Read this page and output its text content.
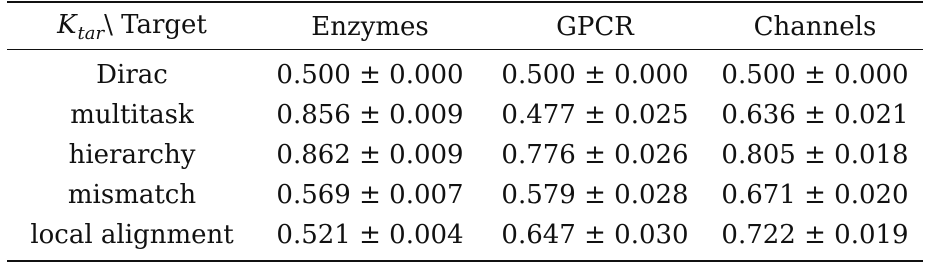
$K_{tar}\backslash$ Target	Enzymes	GPCR	Channels
Dirac	0.500 ± 0.000	0.500 ± 0.000	0.500 ± 0.000
multitask	0.856 ± 0.009	0.477 ± 0.025	0.636 ± 0.021
hierarchy	0.862 ± 0.009	0.776 ± 0.026	0.805 ± 0.018
mismatch	0.569 ± 0.007	0.579 ± 0.028	0.671 ± 0.020
local alignment	0.521 ± 0.004	0.647 ± 0.030	0.722 ± 0.019
